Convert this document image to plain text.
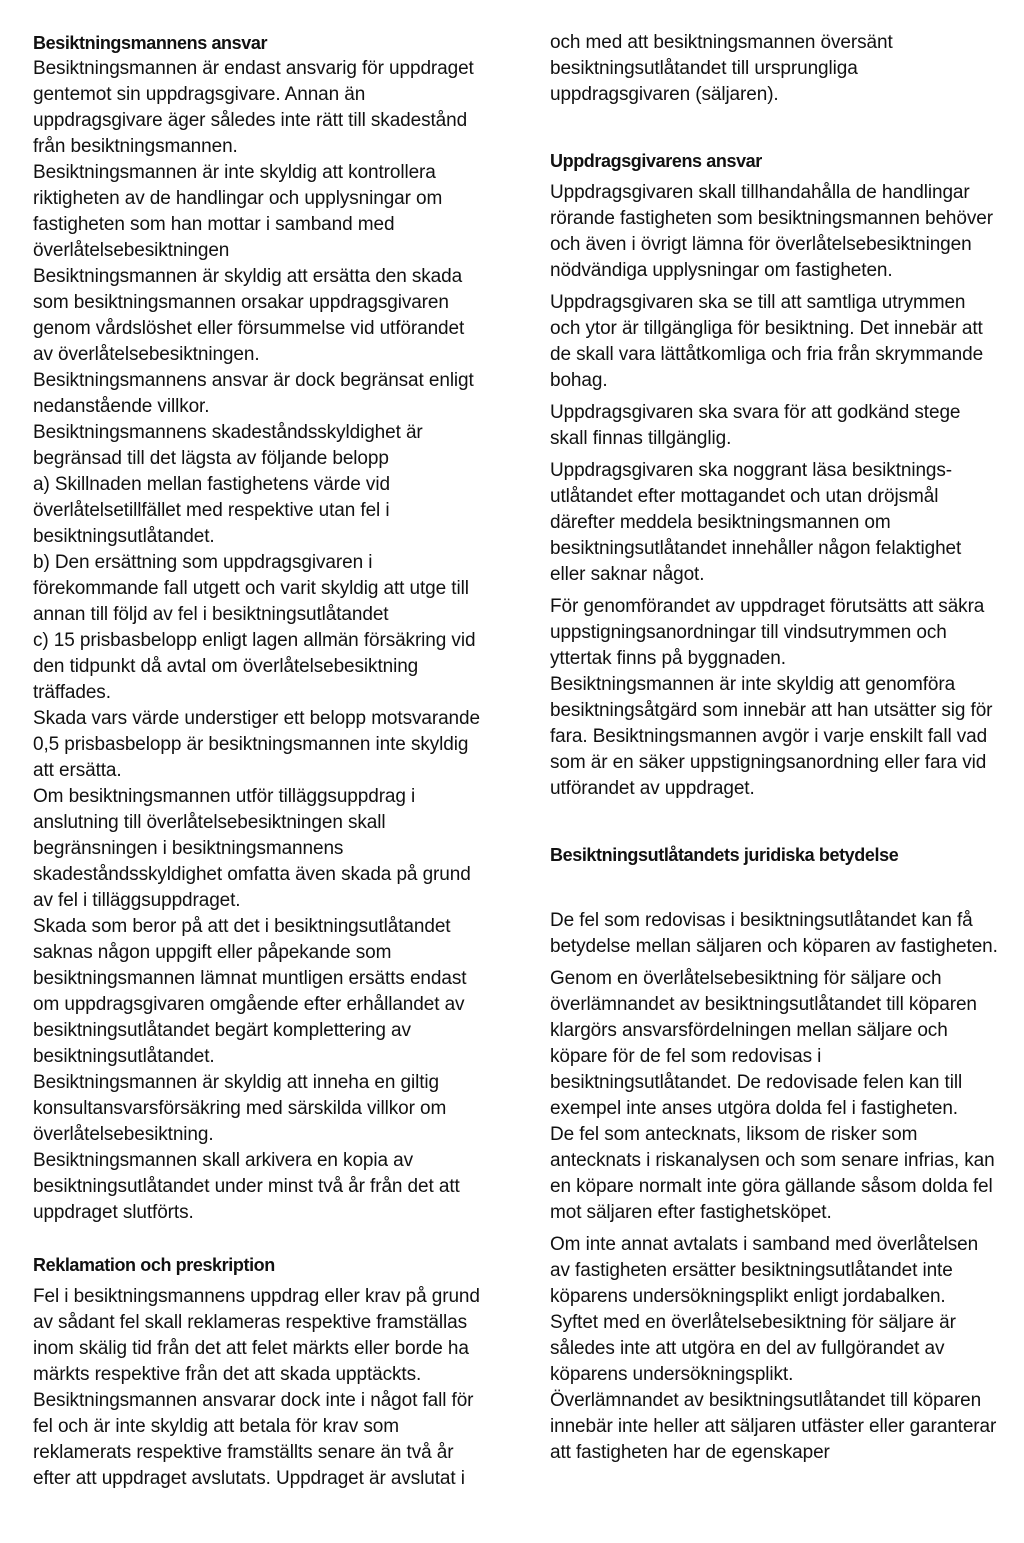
Besiktningsmannens ansvar

Besiktningsmannen är endast ansvarig för uppdraget gentemot sin uppdragsgivare. Annan än uppdragsgivare äger således inte rätt till skadestånd från besiktningsmannen.

Besiktningsmannen är inte skyldig att kontrollera riktigheten av de handlingar och upplysningar om fastigheten som han mottar i samband med överlåtelsebesiktningen

Besiktningsmannen är skyldig att ersätta den skada som besiktningsmannen orsakar uppdragsgivaren genom vårdslöshet eller försummelse vid utförandet av överlåtelsebesiktningen.

Besiktningsmannens ansvar är dock begränsat enligt nedanstående villkor.

Besiktningsmannens skadeståndsskyldighet är begränsad till det lägsta av följande belopp

a) Skillnaden mellan fastighetens värde vid överlåtelsetillfället med respektive utan fel i besiktningsutlåtandet.

b) Den ersättning som uppdragsgivaren i förekommande fall utgett och varit skyldig att utge till annan till följd av fel i besiktningsutlåtandet

c) 15 prisbasbelopp enligt lagen allmän försäkring vid den tidpunkt då avtal om överlåtelsebesiktning träffades.

Skada vars värde understiger ett belopp motsvarande 0,5 prisbasbelopp är besiktningsmannen inte skyldig att ersätta.

Om besiktningsmannen utför tilläggsuppdrag i anslutning till överlåtelsebesiktningen skall begränsningen i besiktningsmannens skadeståndsskyldighet omfatta även skada på grund av fel i tilläggsuppdraget.

Skada som beror på att det i besiktningsutlåtandet saknas någon uppgift eller påpekande som besiktningsmannen lämnat muntligen ersätts endast om uppdragsgivaren omgående efter erhållandet av besiktningsutlåtandet begärt komplettering av besiktningsutlåtandet.

Besiktningsmannen är skyldig att inneha en giltig konsultansvarsförsäkring med särskilda villkor om överlåtelsebesiktning.

Besiktningsmannen skall arkivera en kopia av besiktningsutlåtandet under minst två år från det att uppdraget slutförts.

Reklamation och preskription

Fel i besiktningsmannens uppdrag eller krav på grund av sådant fel skall reklameras respektive framställas inom skälig tid från det att felet märkts eller borde ha märkts respektive från det att skada upptäckts. Besiktningsmannen ansvarar dock inte i något fall för fel och är inte skyldig att betala för krav som reklamerats respektive framställts senare än två år efter att uppdraget avslutats. Uppdraget är avslutat i

och med att besiktningsmannen översänt besiktningsutlåtandet till ursprungliga uppdragsgivaren (säljaren).

Uppdragsgivarens ansvar

Uppdragsgivaren skall tillhandahålla de handlingar rörande fastigheten som besiktningsmannen behöver och även i övrigt lämna för överlåtelsebesiktningen nödvändiga upplysningar om fastigheten.

Uppdragsgivaren ska se till att samtliga utrymmen och ytor är tillgängliga för besiktning. Det innebär att de skall vara lättåtkomliga och fria från skrymmande bohag.

Uppdragsgivaren ska svara för att godkänd stege skall finnas tillgänglig.

Uppdragsgivaren ska noggrant läsa besiktnings-utlåtandet efter mottagandet och utan dröjsmål därefter meddela besiktningsmannen om besiktningsutlåtandet innehåller någon felaktighet eller saknar något.

För genomförandet av uppdraget förutsätts att säkra uppstigningsanordningar till vindsutrymmen och yttertak finns på byggnaden.

Besiktningsmannen är inte skyldig att genomföra besiktningsåtgärd som innebär att han utsätter sig för fara. Besiktningsmannen avgör i varje enskilt fall vad som är en säker uppstigningsanordning eller fara vid utförandet av uppdraget.

Besiktningsutlåtandets juridiska betydelse

De fel som redovisas i besiktningsutlåtandet kan få betydelse mellan säljaren och köparen av fastigheten.

Genom en överlåtelsebesiktning för säljare och överlämnandet av besiktningsutlåtandet till köparen klargörs ansvarsfördelningen mellan säljare och köpare för de fel som redovisas i besiktningsutlåtandet. De redovisade felen kan till exempel inte anses utgöra dolda fel i fastigheten.

De fel som antecknats, liksom de risker som antecknats i riskanalysen och som senare infrias, kan en köpare normalt inte göra gällande såsom dolda fel mot säljaren efter fastighetsköpet.

Om inte annat avtalats i samband med överlåtelsen av fastigheten ersätter besiktningsutlåtandet inte köparens undersökningsplikt enligt jordabalken.

Syftet med en överlåtelsebesiktning för säljare är således inte att utgöra en del av fullgörandet av köparens undersökningsplikt.

Överlämnandet av besiktningsutlåtandet till köparen innebär inte heller att säljaren utfäster eller garanterar att fastigheten har de egenskaper
